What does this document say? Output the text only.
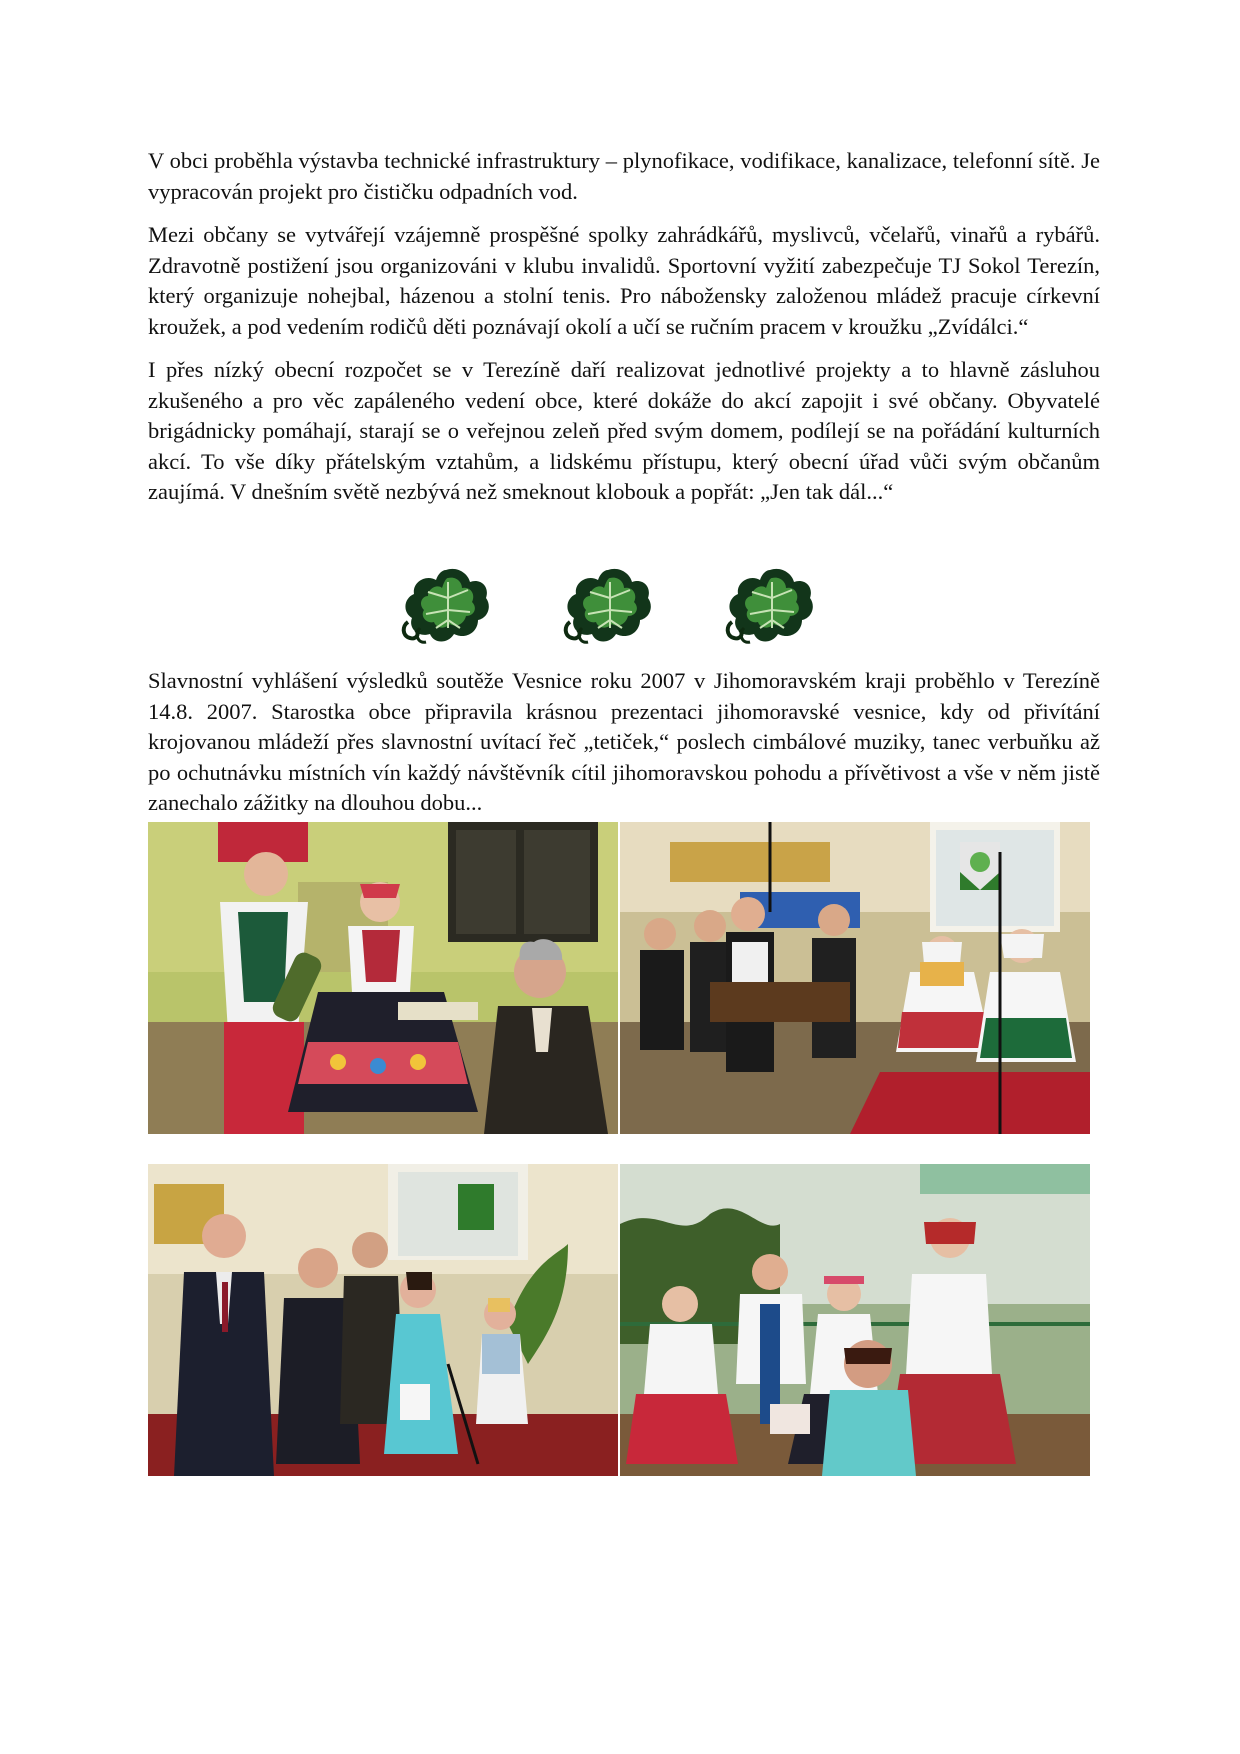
V obci proběhla výstavba technické infrastruktury – plynofikace, vodifikace, kanalizace, telefonní sítě. Je vypracován projekt pro čističku odpadních vod.

Mezi občany se vytvářejí vzájemně prospěšné spolky zahrádkářů, myslivců, včelařů, vinařů a rybářů. Zdravotně postižení jsou organizováni v klubu invalidů. Sportovní vyžití zabezpečuje TJ Sokol Terezín, který organizuje nohejbal, házenou a stolní tenis. Pro nábožensky založenou mládež pracuje církevní kroužek, a pod vedením rodičů děti poznávají okolí a učí se ručním pracem v kroužku „Zvídálci.“

I přes nízký obecní rozpočet se v Terezíně daří realizovat jednotlivé projekty a to hlavně zásluhou zkušeného a pro věc zapáleného vedení obce, které dokáže do akcí zapojit i své občany. Obyvatelé brigádnicky pomáhají, starají se o veřejnou zeleň před svým domem, podílejí se na pořádání kulturních akcí. To vše díky přátelským vztahům, a lidskému přístupu, který obecní úřad vůči svým občanům zaujímá. V dnešním světě nezbývá než smeknout klobouk a popřát: „Jen tak dál...“

Slavnostní vyhlášení výsledků soutěže Vesnice roku 2007 v Jihomoravském kraji proběhlo v Terezíně 14.8. 2007. Starostka obce připravila krásnou prezentaci jihomoravské vesnice, kdy od přivítání krojovanou mládeží přes slavnostní uvítací řeč „tetiček,“ poslech cimbálové muziky, tanec verbuňku až po ochutnávku místních vín každý návštěvník cítil jihomoravskou pohodu a přívětivost a vše v něm jistě zanechalo zážitky na dlouhou dobu...
